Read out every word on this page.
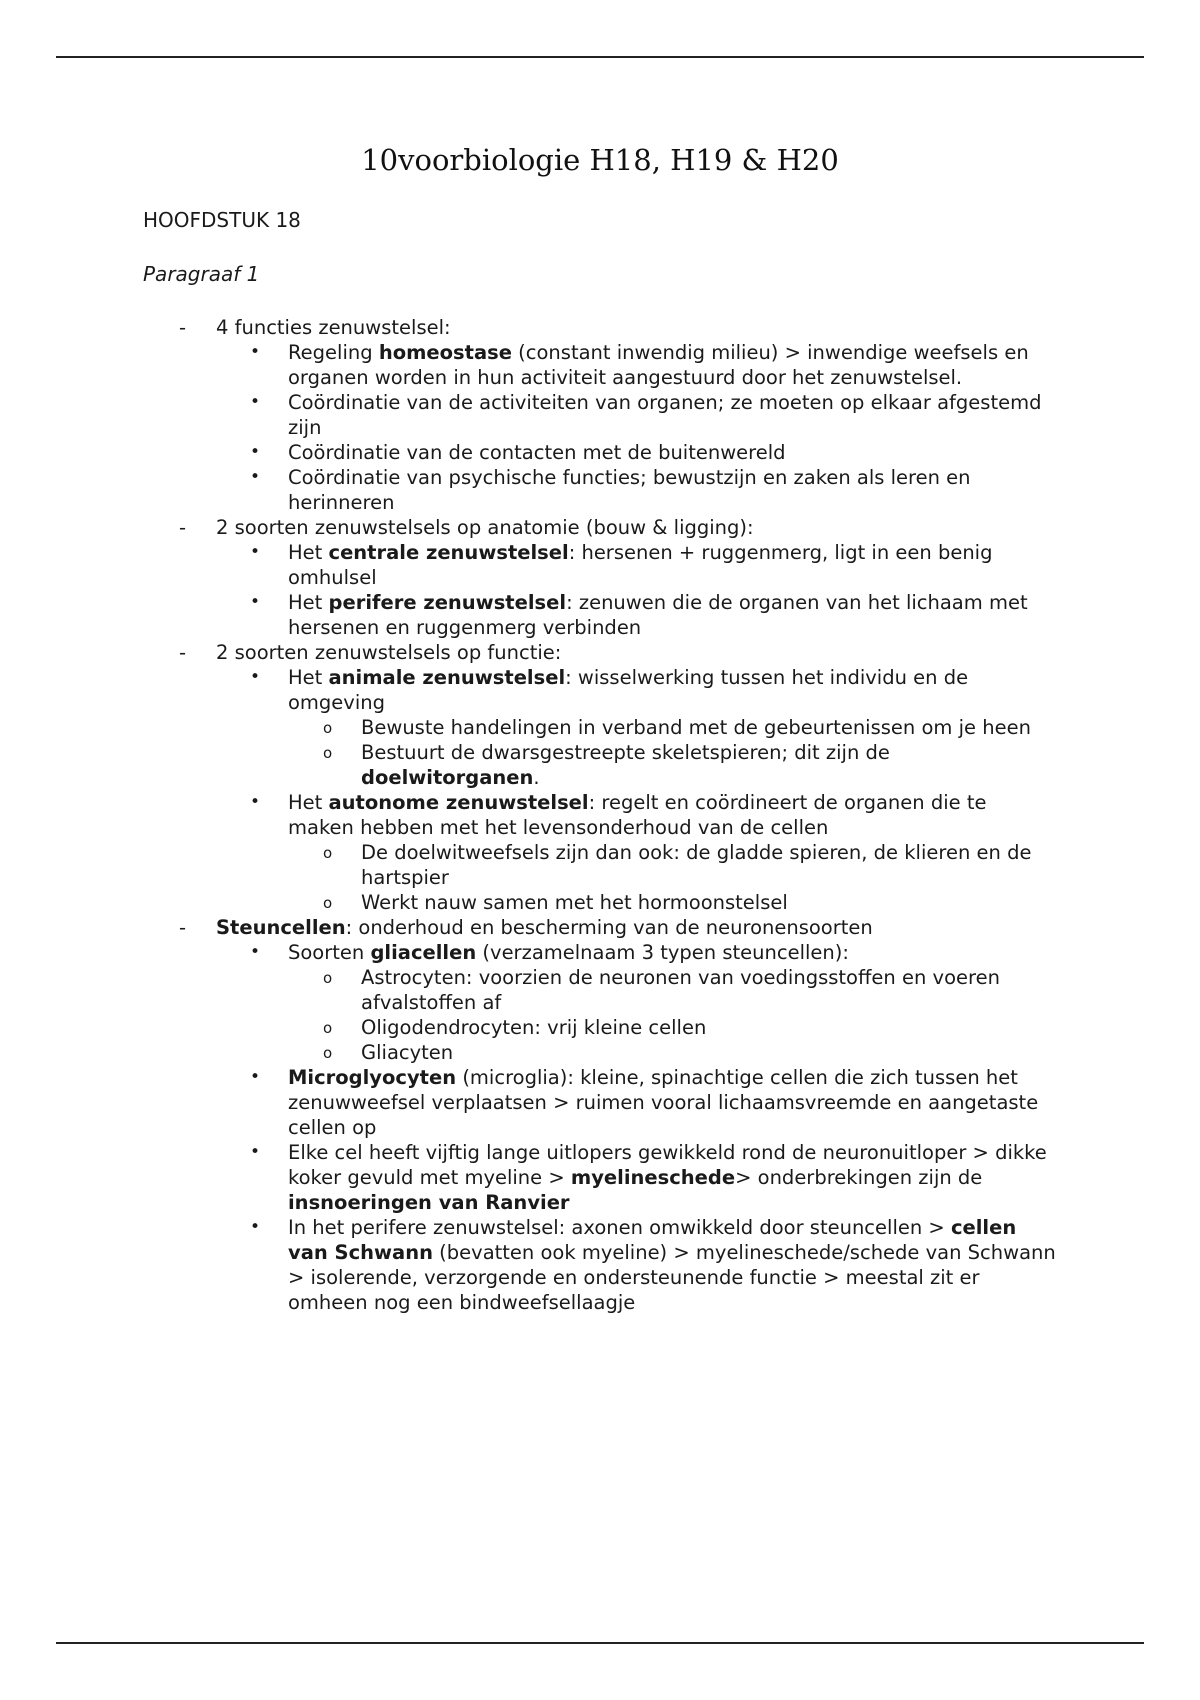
10voorbiologie H18, H19 & H20
HOOFDSTUK 18
Paragraaf 1
- 4 functies zenuwstelsel:
• Regeling homeostase (constant inwendig milieu) > inwendige weefsels en organen worden in hun activiteit aangestuurd door het zenuwstelsel.
• Coördinatie van de activiteiten van organen; ze moeten op elkaar afgestemd zijn
• Coördinatie van de contacten met de buitenwereld
• Coördinatie van psychische functies; bewustzijn en zaken als leren en herinneren
- 2 soorten zenuwstelsels op anatomie (bouw & ligging):
• Het centrale zenuwstelsel: hersenen + ruggenmerg, ligt in een benig omhulsel
• Het perifere zenuwstelsel: zenuwen die de organen van het lichaam met hersenen en ruggenmerg verbinden
- 2 soorten zenuwstelsels op functie:
• Het animale zenuwstelsel: wisselwerking tussen het individu en de omgeving
o Bewuste handelingen in verband met de gebeurtenissen om je heen
o Bestuurt de dwarsgestreepte skeletspieren; dit zijn de doelwitorganen.
• Het autonome zenuwstelsel: regelt en coördineert de organen die te maken hebben met het levensonderhoud van de cellen
o De doelwitweefsels zijn dan ook: de gladde spieren, de klieren en de hartspier
o Werkt nauw samen met het hormoonstelsel
- Steuncellen: onderhoud en bescherming van de neuronensoorten
• Soorten gliacellen (verzamelnaam 3 typen steuncellen):
o Astrocyten: voorzien de neuronen van voedingsstoffen en voeren afvalstoffen af
o Oligodendrocyten: vrij kleine cellen
o Gliacyten
• Microglyocyten (microglia): kleine, spinachtige cellen die zich tussen het zenuwweefsel verplaatsen > ruimen vooral lichaamsvreemde en aangetaste cellen op
• Elke cel heeft vijftig lange uitlopers gewikkeld rond de neuronuitloper > dikke koker gevuld met myeline > myelineschede> onderbrekingen zijn de insnoeringen van Ranvier
• In het perifere zenuwstelsel: axonen omwikkeld door steuncellen > cellen van Schwann (bevatten ook myeline) > myelineschede/schede van Schwann > isolerende, verzorgende en ondersteunende functie > meestal zit er omheen nog een bindweefsellaagje
